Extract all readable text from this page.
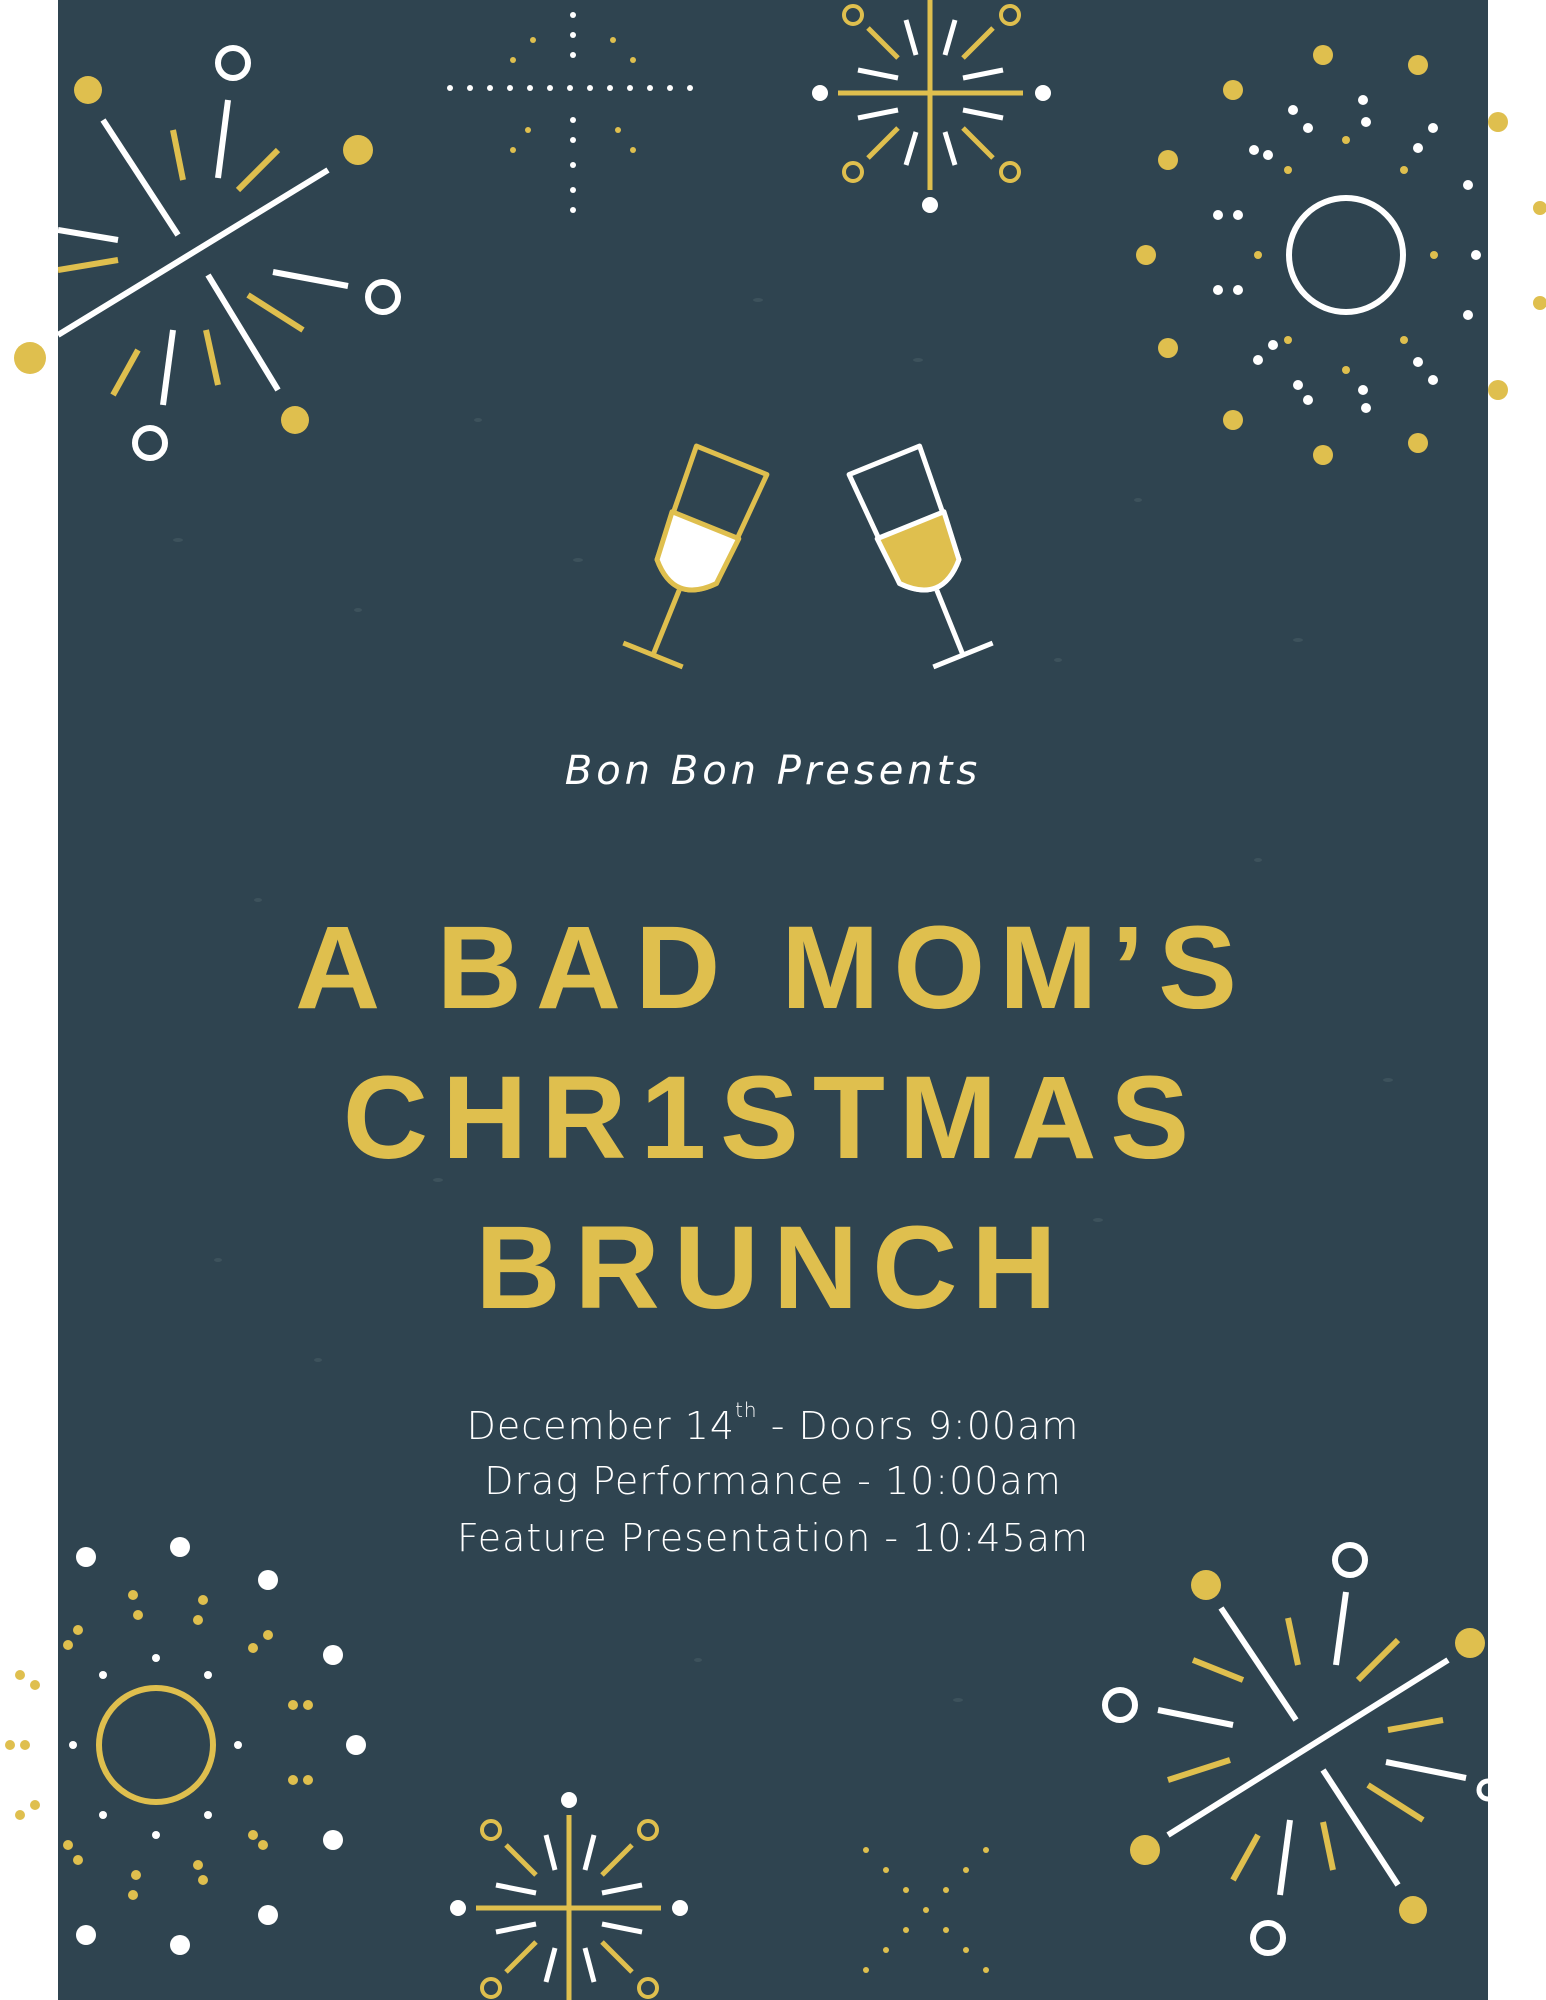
Bon Bon Presents
A BAD MOM’S
CHR1STMAS
BRUNCH
December 14th - Doors 9:00am
Drag Performance - 10:00am
Feature Presentation - 10:45am
